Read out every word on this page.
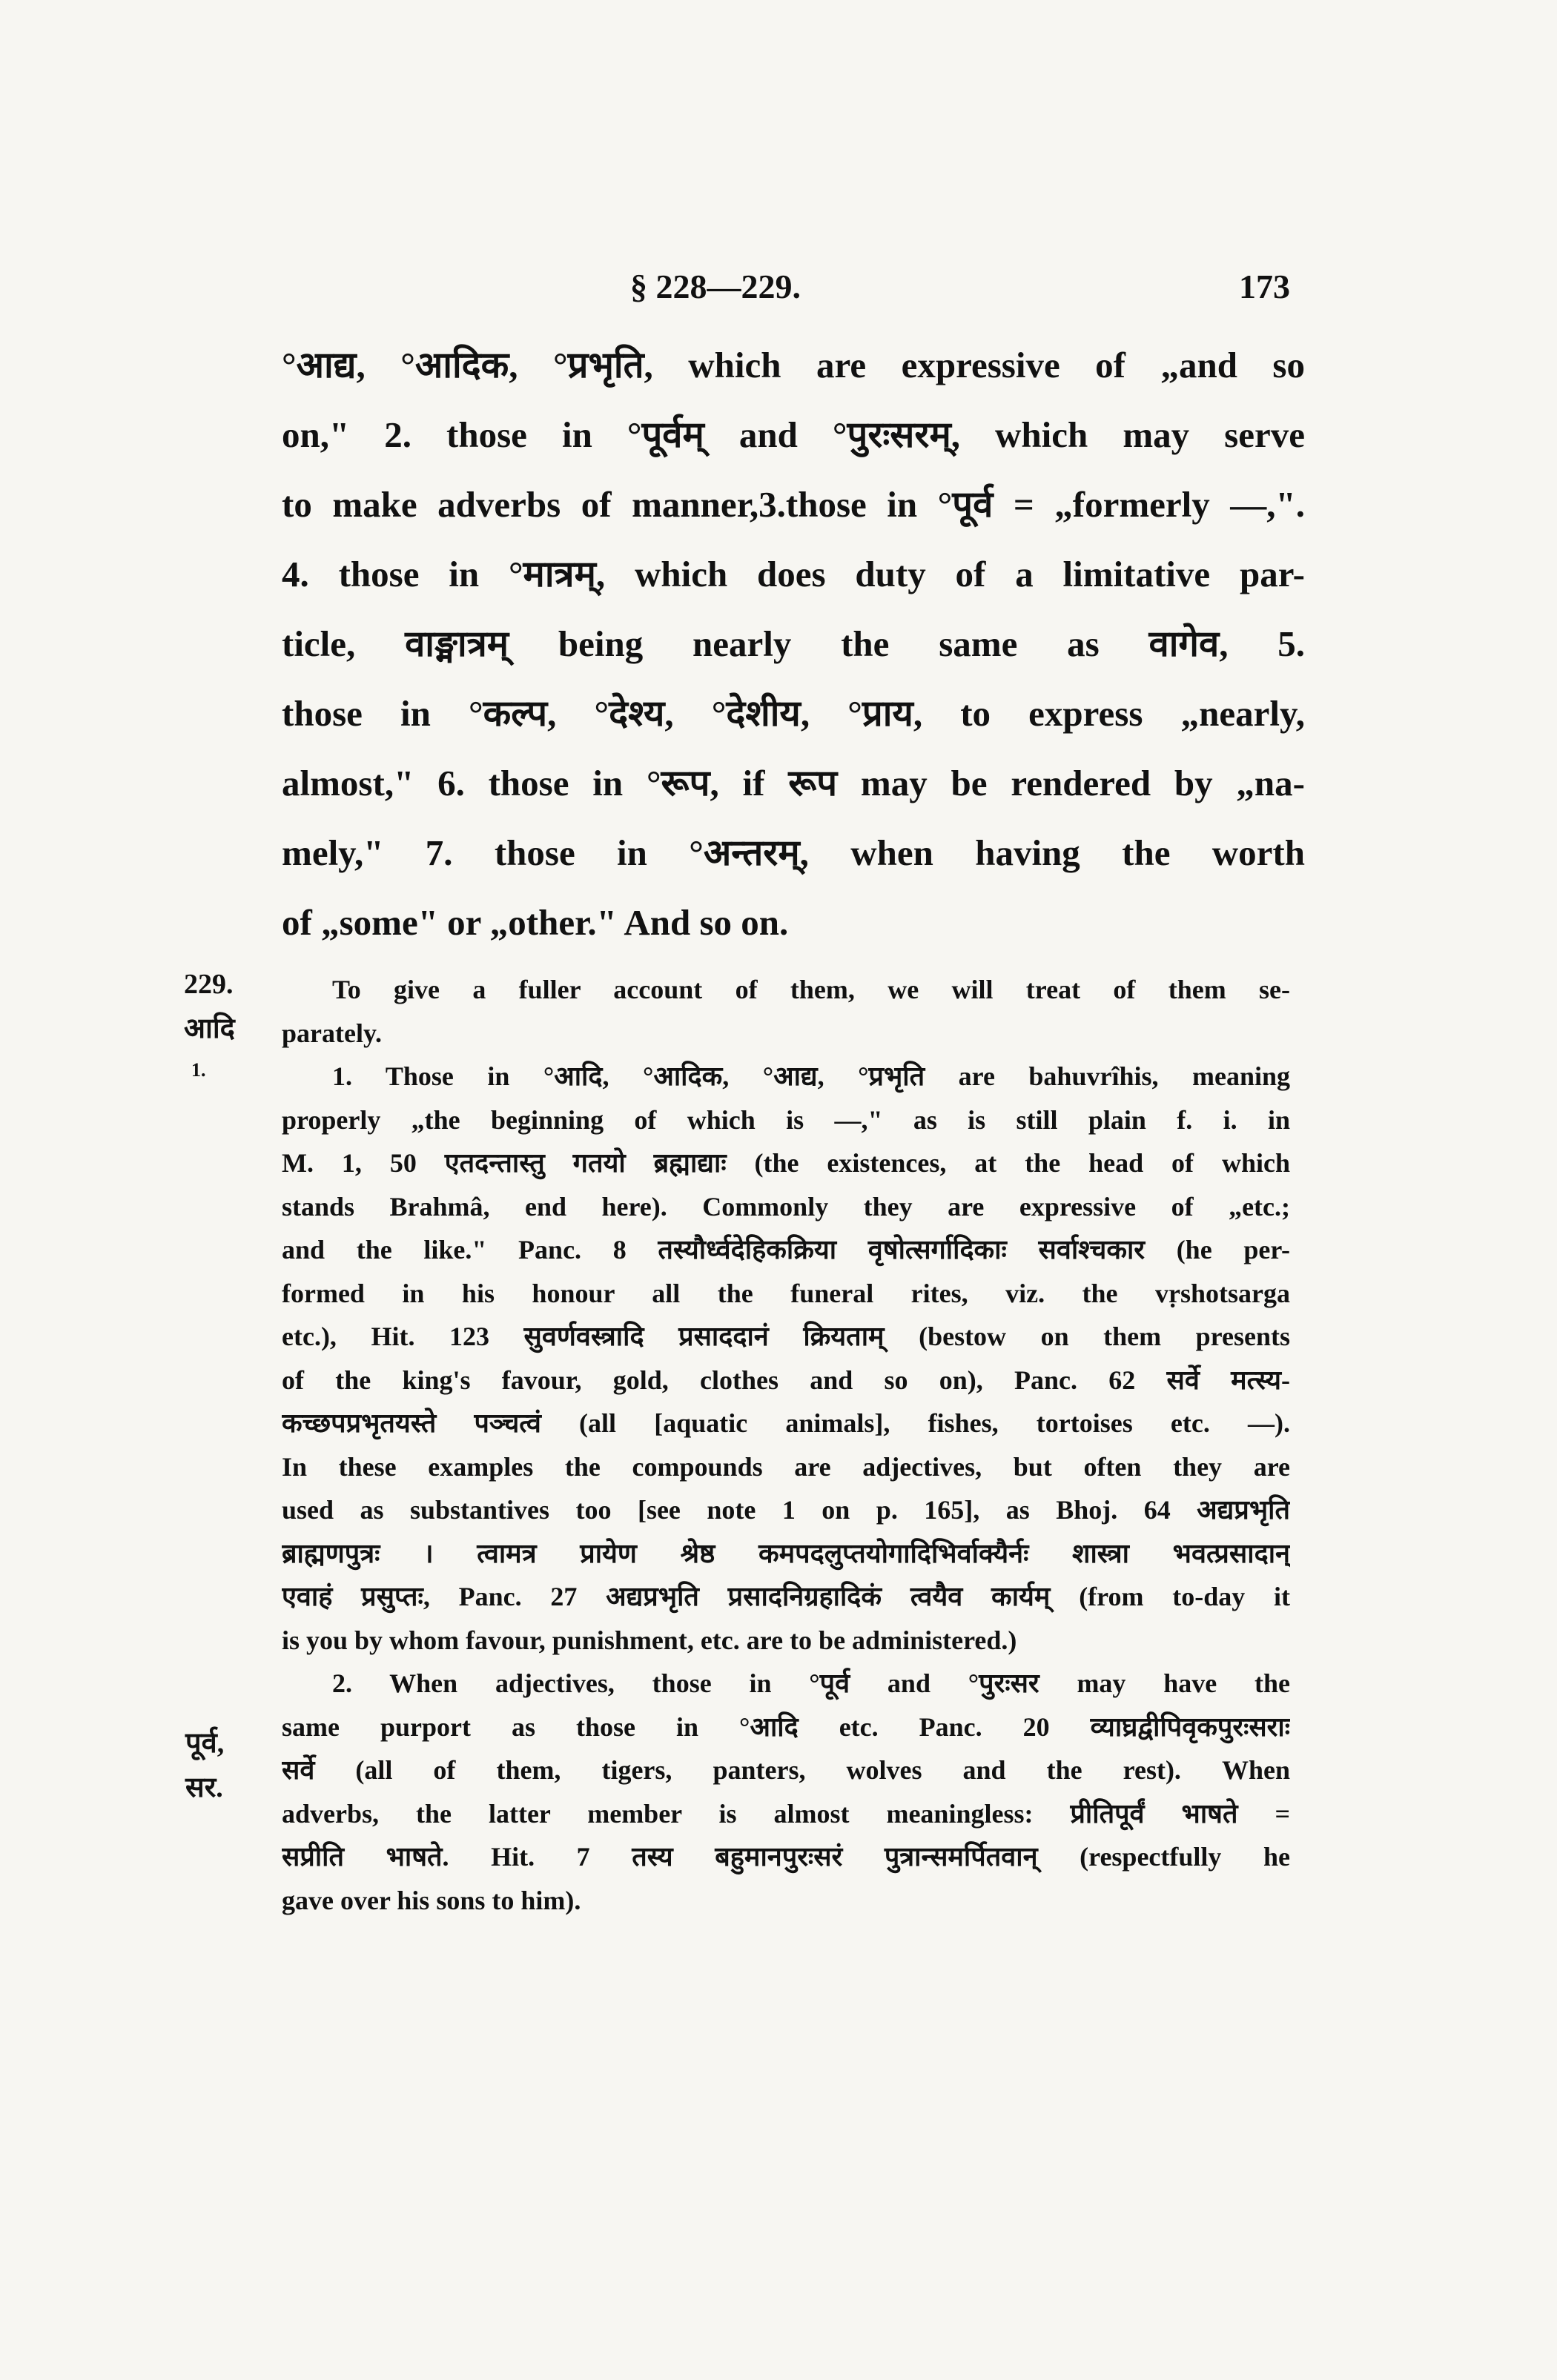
§ 228—229.	173

°आद्य, °आदिक, °प्रभृति, which are expressive of „and so

on," 2. those in °पूर्वम् and °पुरःसरम्, which may serve

to make adverbs of manner,3.those in °पूर्व = „formerly —,".

4. those in °मात्रम्, which does duty of a limitative par-

ticle, वाङ्मात्रम् being nearly the same as वागेव, 5.

those in °कल्प, °देश्य, °देशीय, °प्राय, to express „nearly,

almost," 6. those in °रूप, if रूप may be rendered by „na-

mely," 7. those in °अन्तरम्, when having the worth

of „some" or „other." And so on.

229.
आदि
1.
पूर्व,
सर.

To give a fuller account of them, we will treat of them se-

parately.

1. Those in °आदि, °आदिक, °आद्य, °प्रभृति are bahuvrîhis, meaning

properly „the beginning of which is —," as is still plain f. i. in

M. 1, 50 एतदन्तास्तु गतयो ब्रह्माद्याः (the existences, at the head of which

stands Brahmâ, end here). Commonly they are expressive of „etc.;

and the like." Panc. 8 तस्यौर्ध्वदेहिकक्रिया वृषोत्सर्गादिकाः सर्वाश्चकार (he per-

formed in his honour all the funeral rites, viz. the vṛshotsarga

etc.), Hit. 123 सुवर्णवस्त्रादि प्रसाददानं क्रियताम् (bestow on them presents

of the king's favour, gold, clothes and so on), Panc. 62 सर्वे मत्स्य-

कच्छपप्रभृतयस्ते पञ्चत्वं (all [aquatic animals], fishes, tortoises etc. —).

In these examples the compounds are adjectives, but often they are

used as substantives too [see note 1 on p. 165], as Bhoj. 64 अद्यप्रभृति

ब्राह्मणपुत्रः । त्वामत्र प्रायेण श्रेष्ठ कमपदलुप्तयोगादिभिर्वाक्यैर्नः शास्त्रा भवत्प्रसादान्

एवाहं प्रसुप्तः, Panc. 27 अद्यप्रभृति प्रसादनिग्रहादिकं त्वयैव कार्यम् (from to-day it

is you by whom favour, punishment, etc. are to be administered.)

2. When adjectives, those in °पूर्व and °पुरःसर may have the

same purport as those in °आदि etc. Panc. 20 व्याघ्रद्वीपिवृकपुरःसराः

सर्वे (all of them, tigers, panters, wolves and the rest). When

adverbs, the latter member is almost meaningless: प्रीतिपूर्वं भाषते =

सप्रीति भाषते. Hit. 7 तस्य बहुमानपुरःसरं पुत्रान्समर्पितवान् (respectfully he

gave over his sons to him).
